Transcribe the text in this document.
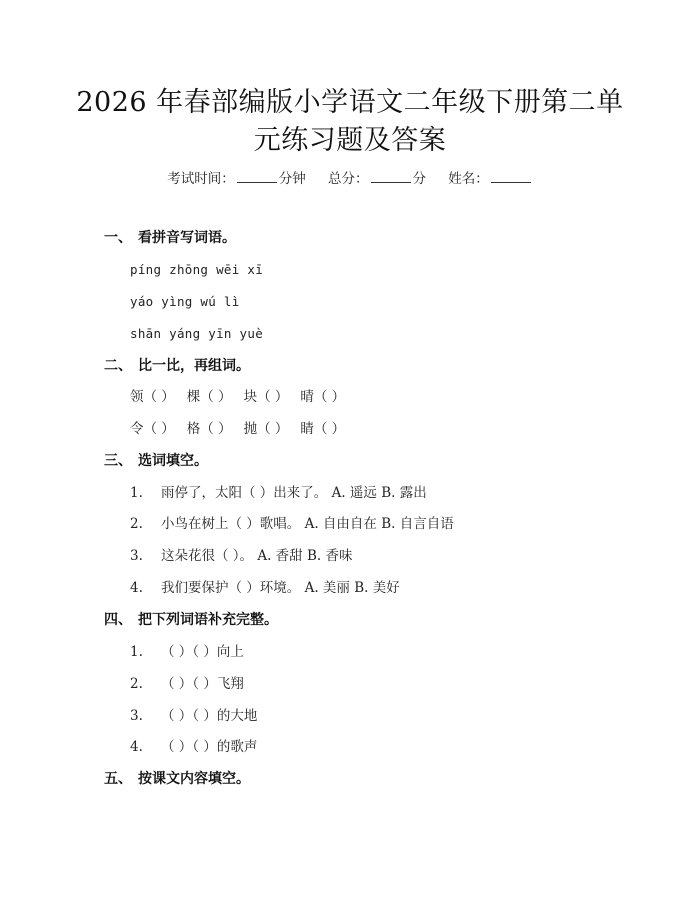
2026 年春部编版小学语文二年级下册第二单
元练习题及答案
考试时间：	分钟 总分：	分 姓名：
一、 看拼音写词语。
píng zhōng wēi xī
yáo yìng wú lì
shān yáng yīn yuè
二、 比一比，再组词。
领（ ） 棵（ ） 块（ ） 晴（ ）
令（ ） 格（ ） 抛（ ） 睛（ ）
三、 选词填空。
1. 雨停了，太阳（ ）出来了。 A. 遥远 B. 露出
2. 小鸟在树上（ ）歌唱。 A. 自由自在 B. 自言自语
3. 这朵花很（ ）。 A. 香甜 B. 香味
4. 我们要保护（ ）环境。 A. 美丽 B. 美好
四、 把下列词语补充完整。
1. （ ）（ ）向上
2. （ ）（ ）飞翔
3. （ ）（ ）的大地
4. （ ）（ ）的歌声
五、 按课文内容填空。
